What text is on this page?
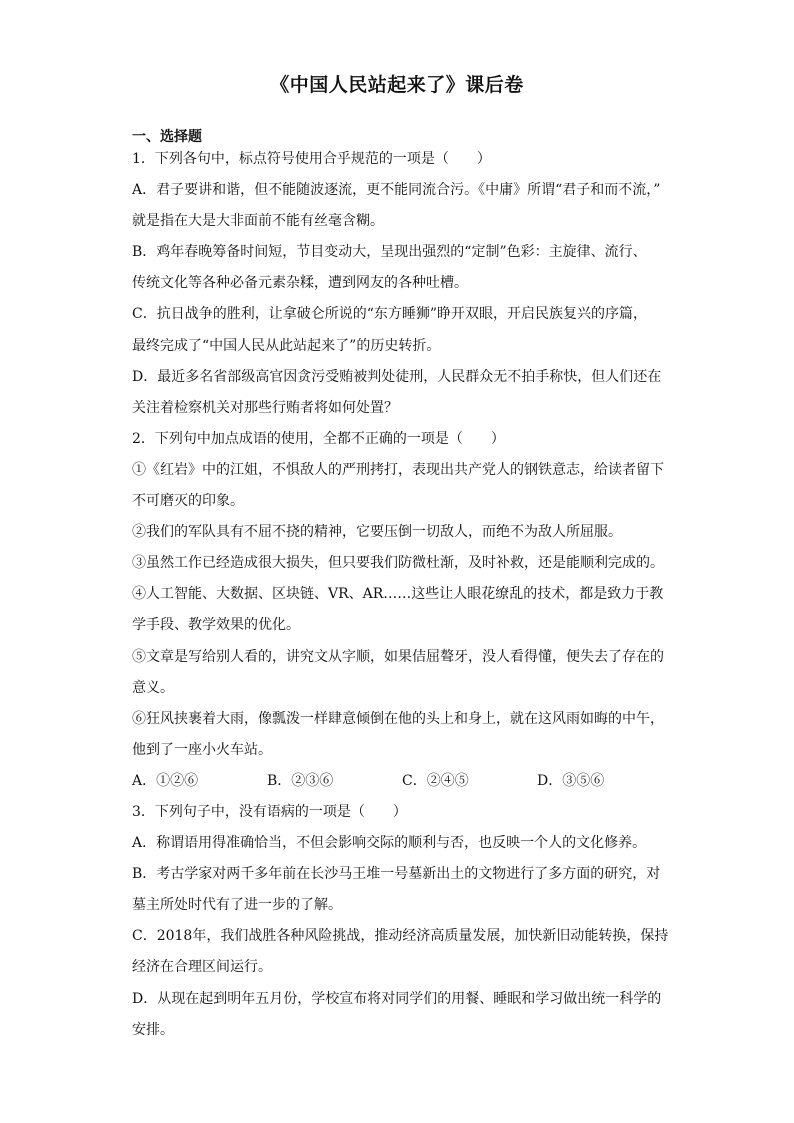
《中国人民站起来了》课后卷
一、选择题
1．下列各句中，标点符号使用合乎规范的一项是（　　）
A．君子要讲和谐，但不能随波逐流，更不能同流合污。《中庸》所谓“君子和而不流，”
就是指在大是大非面前不能有丝毫含糊。
B．鸡年春晚筹备时间短，节目变动大，呈现出强烈的“定制”色彩：主旋律、流行、
传统文化等各种必备元素杂糅，遭到网友的各种吐槽。
C．抗日战争的胜利，让拿破仑所说的“东方睡狮”睁开双眼，开启民族复兴的序篇，
最终完成了“中国人民从此站起来了”的历史转折。
D．最近多名省部级高官因贪污受贿被判处徒刑，人民群众无不拍手称快，但人们还在
关注着检察机关对那些行贿者将如何处置？
2．下列句中加点成语的使用，全都不正确的一项是（　　）
①《红岩》中的江姐，不惧敌人的严刑拷打，表现出共产党人的钢铁意志，给读者留下
不可磨灭的印象。
②我们的军队具有不屈不挠的精神，它要压倒一切敌人，而绝不为敌人所屈服。
③虽然工作已经造成很大损失，但只要我们防微杜渐，及时补救，还是能顺利完成的。
④人工智能、大数据、区块链、VR、AR……这些让人眼花缭乱的技术，都是致力于教
学手段、教学效果的优化。
⑤文章是写给别人看的，讲究文从字顺，如果佶屈聱牙，没人看得懂，便失去了存在的
意义。
⑥狂风挟裹着大雨，像瓢泼一样肆意倾倒在他的头上和身上，就在这风雨如晦的中午，
他到了一座小火车站。
A．①②⑥	B．②③⑥	C．②④⑤	D．③⑤⑥
3．下列句子中，没有语病的一项是（　　）
A．称谓语用得准确恰当，不但会影响交际的顺利与否，也反映一个人的文化修养。
B．考古学家对两千多年前在长沙马王堆一号墓新出土的文物进行了多方面的研究，对
墓主所处时代有了进一步的了解。
C．2018年，我们战胜各种风险挑战，推动经济高质量发展，加快新旧动能转换，保持
经济在合理区间运行。
D．从现在起到明年五月份，学校宣布将对同学们的用餐、睡眠和学习做出统一科学的
安排。
